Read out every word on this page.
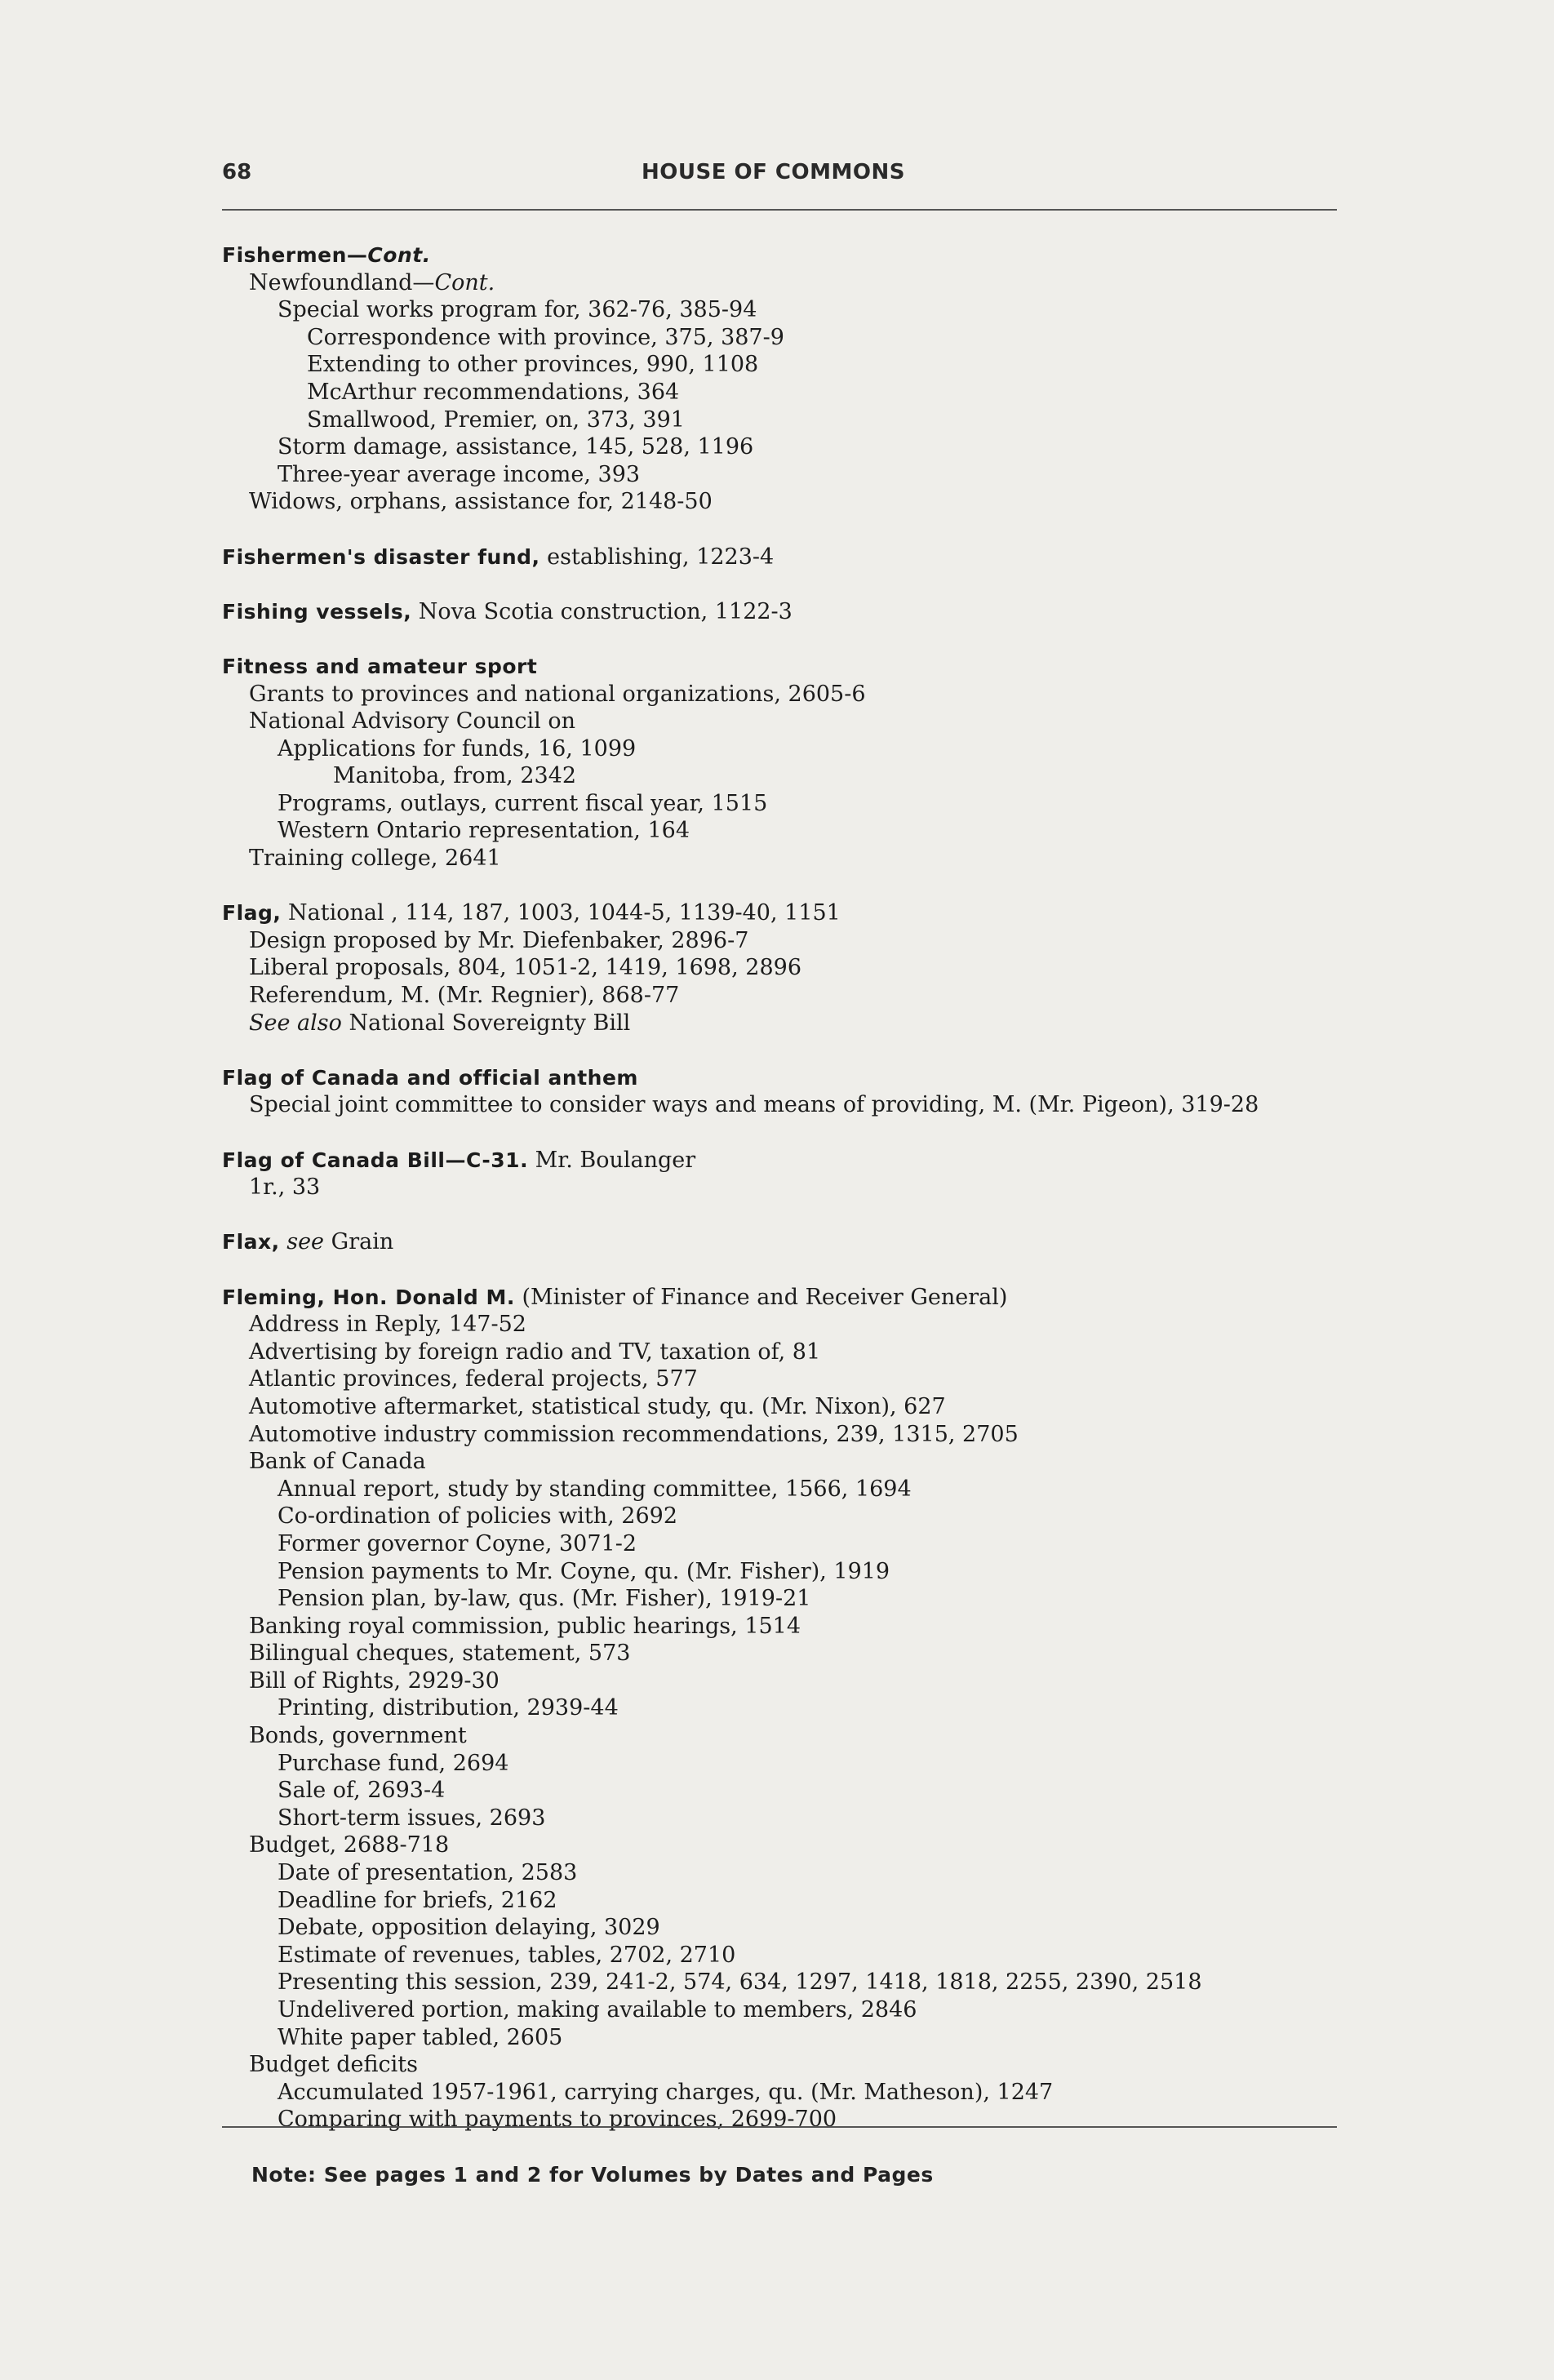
68	HOUSE OF COMMONS
Fishermen—Cont.
Newfoundland—Cont.
Special works program for, 362-76, 385-94
Correspondence with province, 375, 387-9
Extending to other provinces, 990, 1108
McArthur recommendations, 364
Smallwood, Premier, on, 373, 391
Storm damage, assistance, 145, 528, 1196
Three-year average income, 393
Widows, orphans, assistance for, 2148-50
Fishermen's disaster fund, establishing, 1223-4
Fishing vessels, Nova Scotia construction, 1122-3
Fitness and amateur sport
Grants to provinces and national organizations, 2605-6
National Advisory Council on
Applications for funds, 16, 1099
Manitoba, from, 2342
Programs, outlays, current fiscal year, 1515
Western Ontario representation, 164
Training college, 2641
Flag, National , 114, 187, 1003, 1044-5, 1139-40, 1151
Design proposed by Mr. Diefenbaker, 2896-7
Liberal proposals, 804, 1051-2, 1419, 1698, 2896
Referendum, M. (Mr. Regnier), 868-77
See also National Sovereignty Bill
Flag of Canada and official anthem
Special joint committee to consider ways and means of providing, M. (Mr. Pigeon), 319-28
Flag of Canada Bill—C-31. Mr. Boulanger
1r., 33
Flax, see Grain
Fleming, Hon. Donald M. (Minister of Finance and Receiver General)
Address in Reply, 147-52
Advertising by foreign radio and TV, taxation of, 81
Atlantic provinces, federal projects, 577
Automotive aftermarket, statistical study, qu. (Mr. Nixon), 627
Automotive industry commission recommendations, 239, 1315, 2705
Bank of Canada
Annual report, study by standing committee, 1566, 1694
Co-ordination of policies with, 2692
Former governor Coyne, 3071-2
Pension payments to Mr. Coyne, qu. (Mr. Fisher), 1919
Pension plan, by-law, qus. (Mr. Fisher), 1919-21
Banking royal commission, public hearings, 1514
Bilingual cheques, statement, 573
Bill of Rights, 2929-30
Printing, distribution, 2939-44
Bonds, government
Purchase fund, 2694
Sale of, 2693-4
Short-term issues, 2693
Budget, 2688-718
Date of presentation, 2583
Deadline for briefs, 2162
Debate, opposition delaying, 3029
Estimate of revenues, tables, 2702, 2710
Presenting this session, 239, 241-2, 574, 634, 1297, 1418, 1818, 2255, 2390, 2518
Undelivered portion, making available to members, 2846
White paper tabled, 2605
Budget deficits
Accumulated 1957-1961, carrying charges, qu. (Mr. Matheson), 1247
Comparing with payments to provinces, 2699-700
Note: See pages 1 and 2 for Volumes by Dates and Pages
